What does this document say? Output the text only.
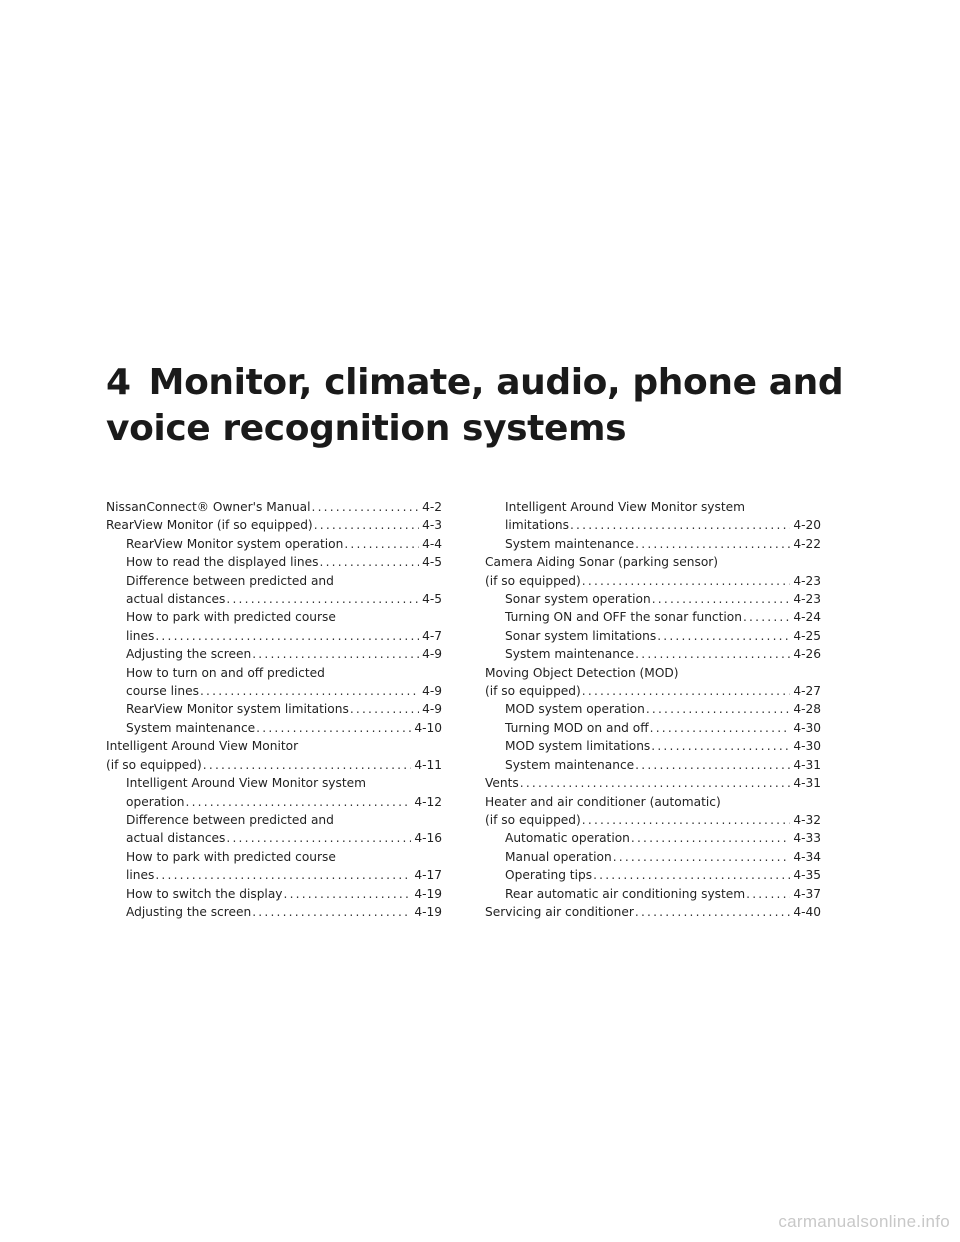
4 Monitor, climate, audio, phone and
voice recognition systems
NissanConnect® Owner's Manual .....	4-2
RearView Monitor (if so equipped) .....	4-3
RearView Monitor system operation .....	4-4
How to read the displayed lines .....	4-5
Difference between predicted and
actual distances .....	4-5
How to park with predicted course
lines .....	4-7
Adjusting the screen .....	4-9
How to turn on and off predicted
course lines .....	4-9
RearView Monitor system limitations .....	4-9
System maintenance .....	4-10
Intelligent Around View Monitor
(if so equipped) .....	4-11
Intelligent Around View Monitor system
operation .....	4-12
Difference between predicted and
actual distances .....	4-16
How to park with predicted course
lines .....	4-17
How to switch the display .....	4-19
Adjusting the screen .....	4-19
Intelligent Around View Monitor system
limitations .....	4-20
System maintenance .....	4-22
Camera Aiding Sonar (parking sensor)
(if so equipped) .....	4-23
Sonar system operation .....	4-23
Turning ON and OFF the sonar function .....	4-24
Sonar system limitations .....	4-25
System maintenance .....	4-26
Moving Object Detection (MOD)
(if so equipped) .....	4-27
MOD system operation .....	4-28
Turning MOD on and off .....	4-30
MOD system limitations .....	4-30
System maintenance .....	4-31
Vents .....	4-31
Heater and air conditioner (automatic)
(if so equipped) .....	4-32
Automatic operation .....	4-33
Manual operation .....	4-34
Operating tips .....	4-35
Rear automatic air conditioning system .....	4-37
Servicing air conditioner .....	4-40
carmanualsonline.info
